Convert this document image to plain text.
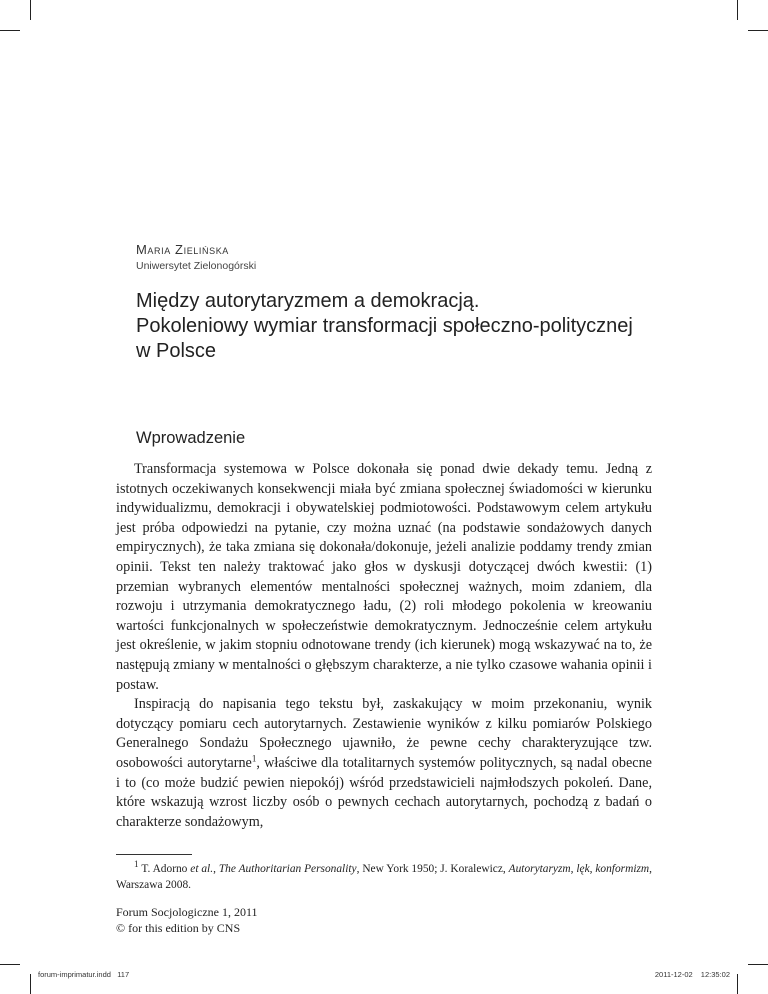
Maria Zielińska
Uniwersytet Zielonogórski
Między autorytaryzmem a demokracją.
Pokoleniowy wymiar transformacji społeczno-politycznej
w Polsce
Wprowadzenie

Transformacja systemowa w Polsce dokonała się ponad dwie dekady temu. Jedną z istotnych oczekiwanych konsekwencji miała być zmiana społecznej świadomości w kierunku indywidualizmu, demokracji i obywatelskiej podmiotowości. Podstawowym celem artykułu jest próba odpowiedzi na pytanie, czy można uznać (na podstawie sondażowych danych empirycznych), że taka zmiana się dokonała/dokonuje, jeżeli analizie poddamy trendy zmian opinii. Tekst ten należy traktować jako głos w dyskusji dotyczącej dwóch kwestii: (1) przemian wybranych elementów mentalności społecznej ważnych, moim zdaniem, dla rozwoju i utrzymania demokratycznego ładu, (2) roli młodego pokolenia w kreowaniu wartości funkcjonalnych w społeczeństwie demokratycznym. Jednocześnie celem artykułu jest określenie, w jakim stopniu odnotowane trendy (ich kierunek) mogą wskazywać na to, że następują zmiany w mentalności o głębszym charakterze, a nie tylko czasowe wahania opinii i postaw.

Inspiracją do napisania tego tekstu był, zaskakujący w moim przekonaniu, wynik dotyczący pomiaru cech autorytarnych. Zestawienie wyników z kilku pomiarów Polskiego Generalnego Sondażu Społecznego ujawniło, że pewne cechy charakteryzujące tzw. osobowości autorytarne$^1$, właściwe dla totalitarnych systemów politycznych, są nadal obecne i to (co może budzić pewien niepokój) wśród przedstawicieli najmłodszych pokoleń. Dane, które wskazują wzrost liczby osób o pewnych cechach autorytarnych, pochodzą z badań o charakterze sondażowym,

$^1$ T. Adorno et al., The Authoritarian Personality, New York 1950; J. Koralewicz, Autorytaryzm, lęk, konformizm, Warszawa 2008.
Forum Socjologiczne 1, 2011
© for this edition by CNS
forum-imprimatur.indd   117	2011-12-02 12:35:02
